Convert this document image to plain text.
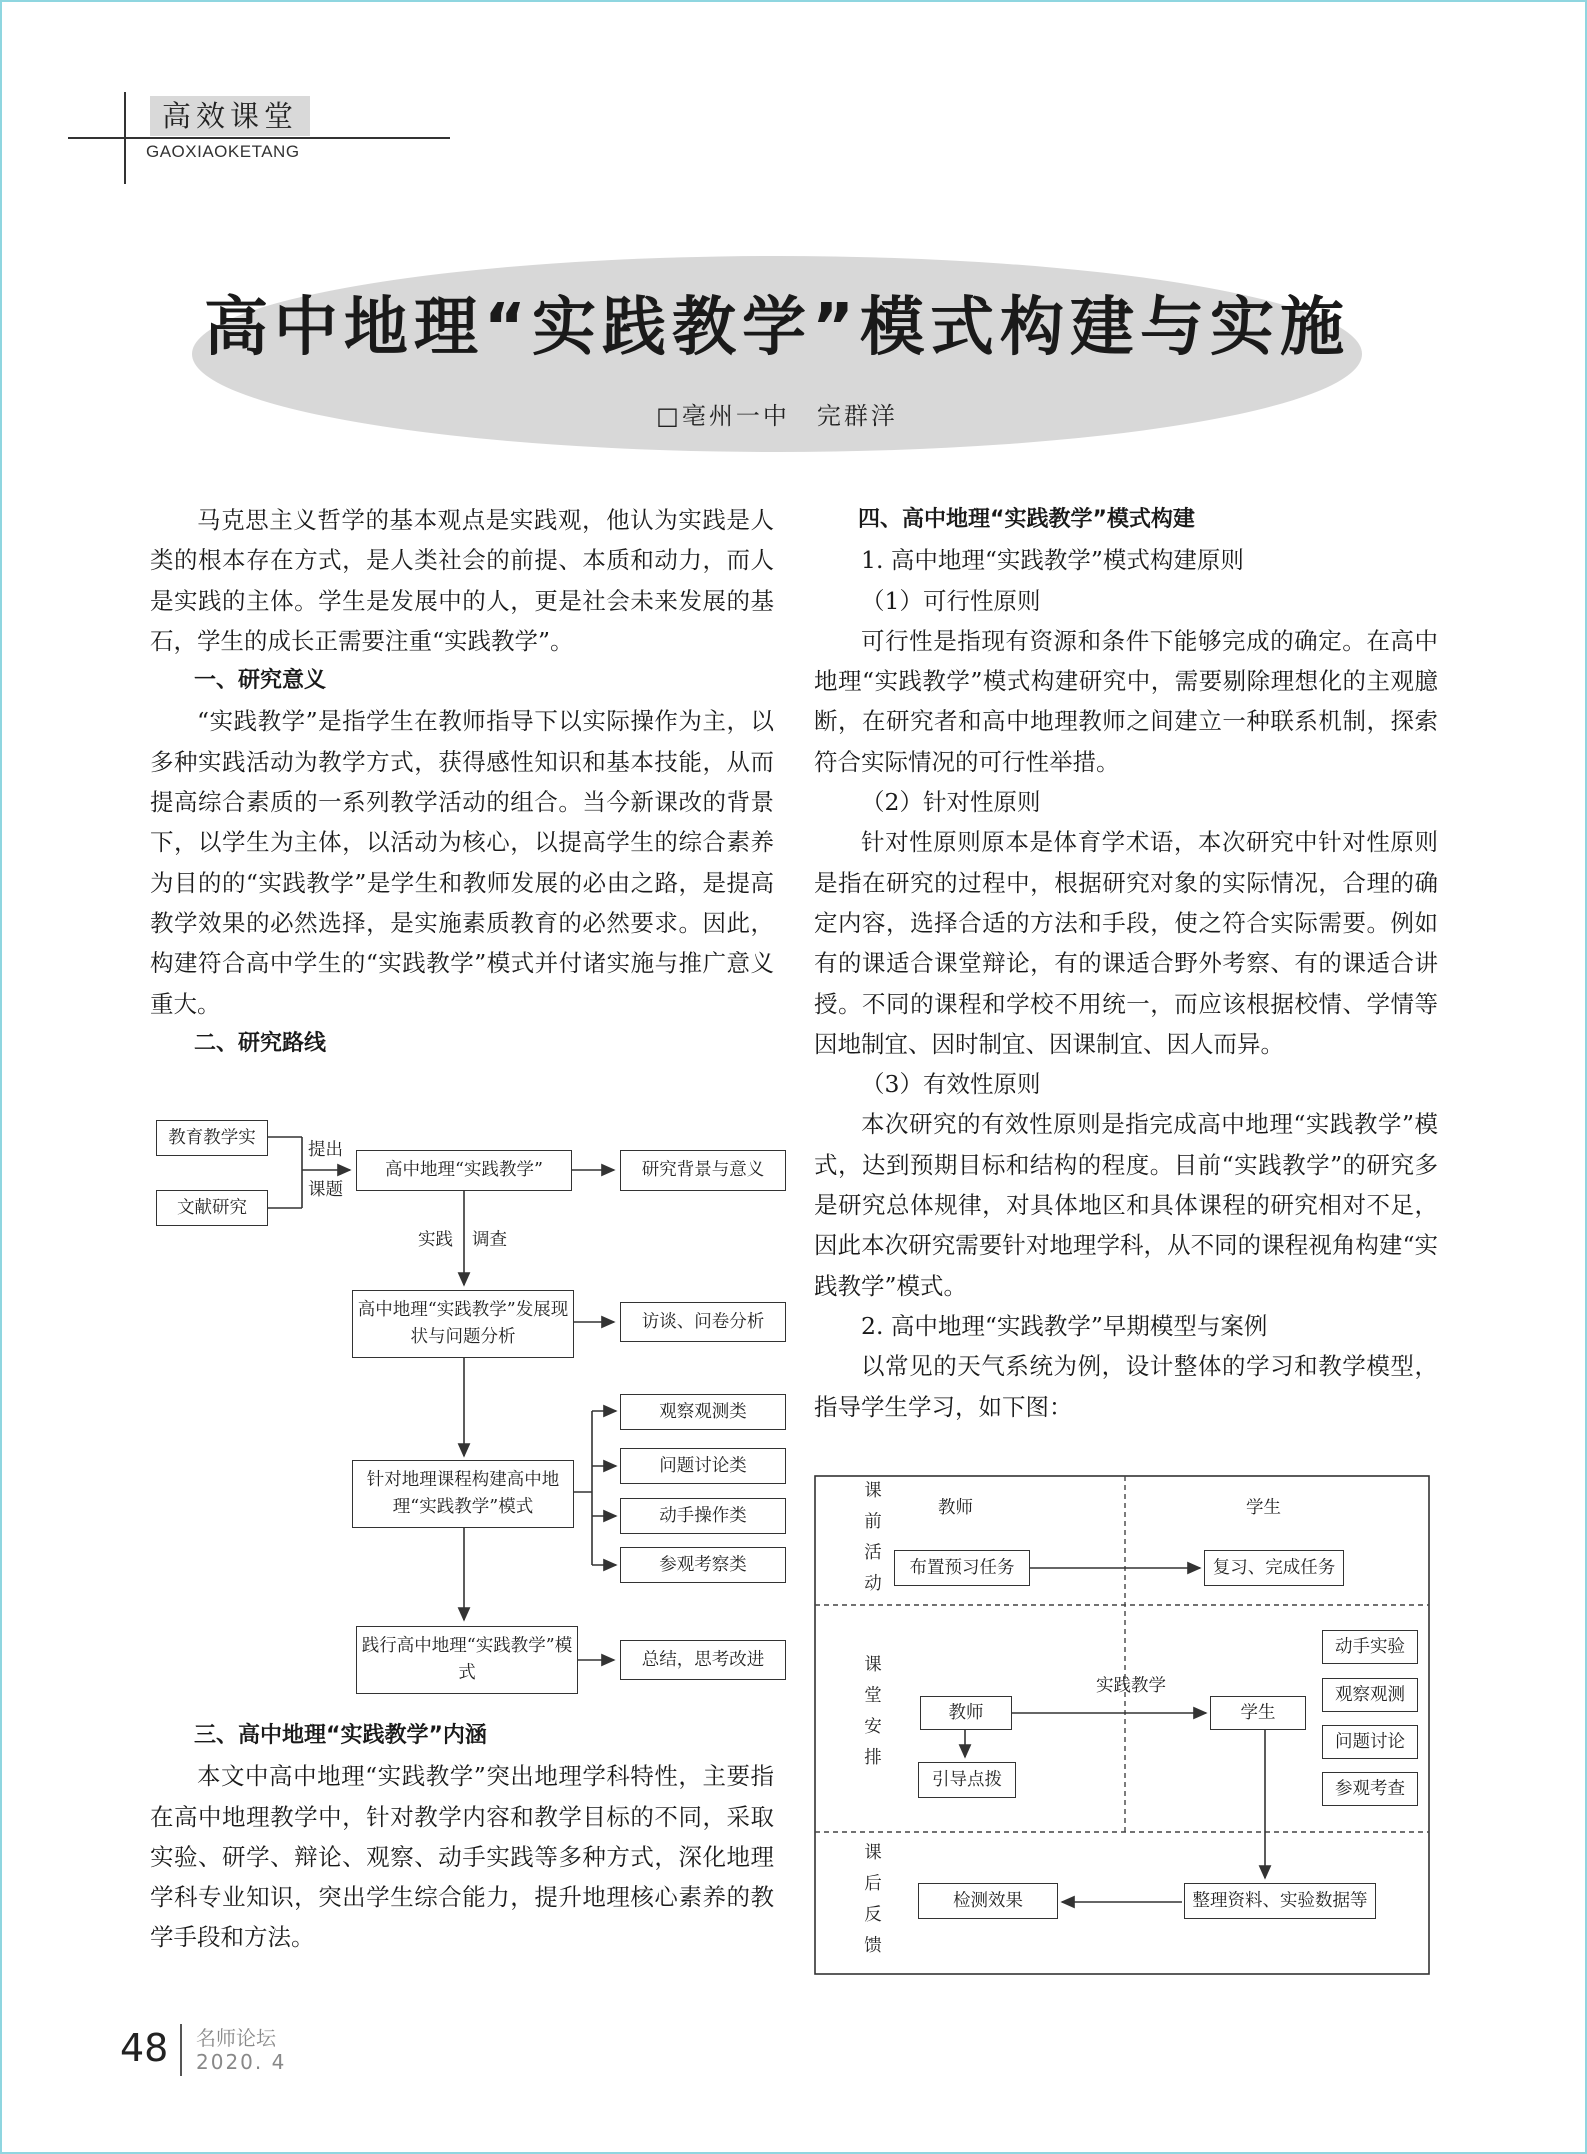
高效课堂
GAOXIAOKETANG
高中地理“实践教学”模式构建与实施
□亳州一中　完群洋

马克思主义哲学的基本观点是实践观，他认为实践是人类的根本存在方式，是人类社会的前提、本质和动力，而人是实践的主体。学生是发展中的人，更是社会未来发展的基石，学生的成长正需要注重“实践教学”。

一、研究意义

“实践教学”是指学生在教师指导下以实际操作为主，以多种实践活动为教学方式，获得感性知识和基本技能，从而提高综合素质的一系列教学活动的组合。当今新课改的背景下，以学生为主体，以活动为核心，以提高学生的综合素养为目的的“实践教学”是学生和教师发展的必由之路，是提高教学效果的必然选择，是实施素质教育的必然要求。因此，构建符合高中学生的“实践教学”模式并付诸实施与推广意义重大。

二、研究路线

教育教学实
文献研究
提出
课题
高中地理“实践教学”	研究背景与意义
实践 调查
高中地理“实践教学”发展现状与问题分析
访谈、问卷分析
针对地理课程构建高中地理“实践教学”模式
观察观测类
问题讨论类
动手操作类
参观考察类
践行高中地理“实践教学”模式
总结，思考改进

三、高中地理“实践教学”内涵

本文中高中地理“实践教学”突出地理学科特性，主要指在高中地理教学中，针对教学内容和教学目标的不同，采取实验、研学、辩论、观察、动手实践等多种方式，深化地理学科专业知识，突出学生综合能力，提升地理核心素养的教学手段和方法。

四、高中地理“实践教学”模式构建

1. 高中地理“实践教学”模式构建原则

（1）可行性原则

可行性是指现有资源和条件下能够完成的确定。在高中地理“实践教学”模式构建研究中，需要剔除理想化的主观臆断，在研究者和高中地理教师之间建立一种联系机制，探索符合实际情况的可行性举措。

（2）针对性原则

针对性原则原本是体育学术语，本次研究中针对性原则是指在研究的过程中，根据研究对象的实际情况，合理的确定内容，选择合适的方法和手段，使之符合实际需要。例如有的课适合课堂辩论，有的课适合野外考察、有的课适合讲授。不同的课程和学校不用统一，而应该根据校情、学情等因地制宜、因时制宜、因课制宜、因人而异。

（3）有效性原则

本次研究的有效性原则是指完成高中地理“实践教学”模式，达到预期目标和结构的程度。目前“实践教学”的研究多是研究总体规律，对具体地区和具体课程的研究相对不足，因此本次研究需要针对地理学科，从不同的课程视角构建“实践教学”模式。

2. 高中地理“实践教学”早期模型与案例

以常见的天气系统为例，设计整体的学习和教学模型，指导学生学习，如下图：

课前活动
课堂安排
课后反馈
教师	学生
布置预习任务	复习、完成任务
实践教学
教师	学生
引导点拨
动手实验
观察观测
问题讨论
参观考查
检测效果	整理资料、实验数据等
48 名师论坛
2020. 4
